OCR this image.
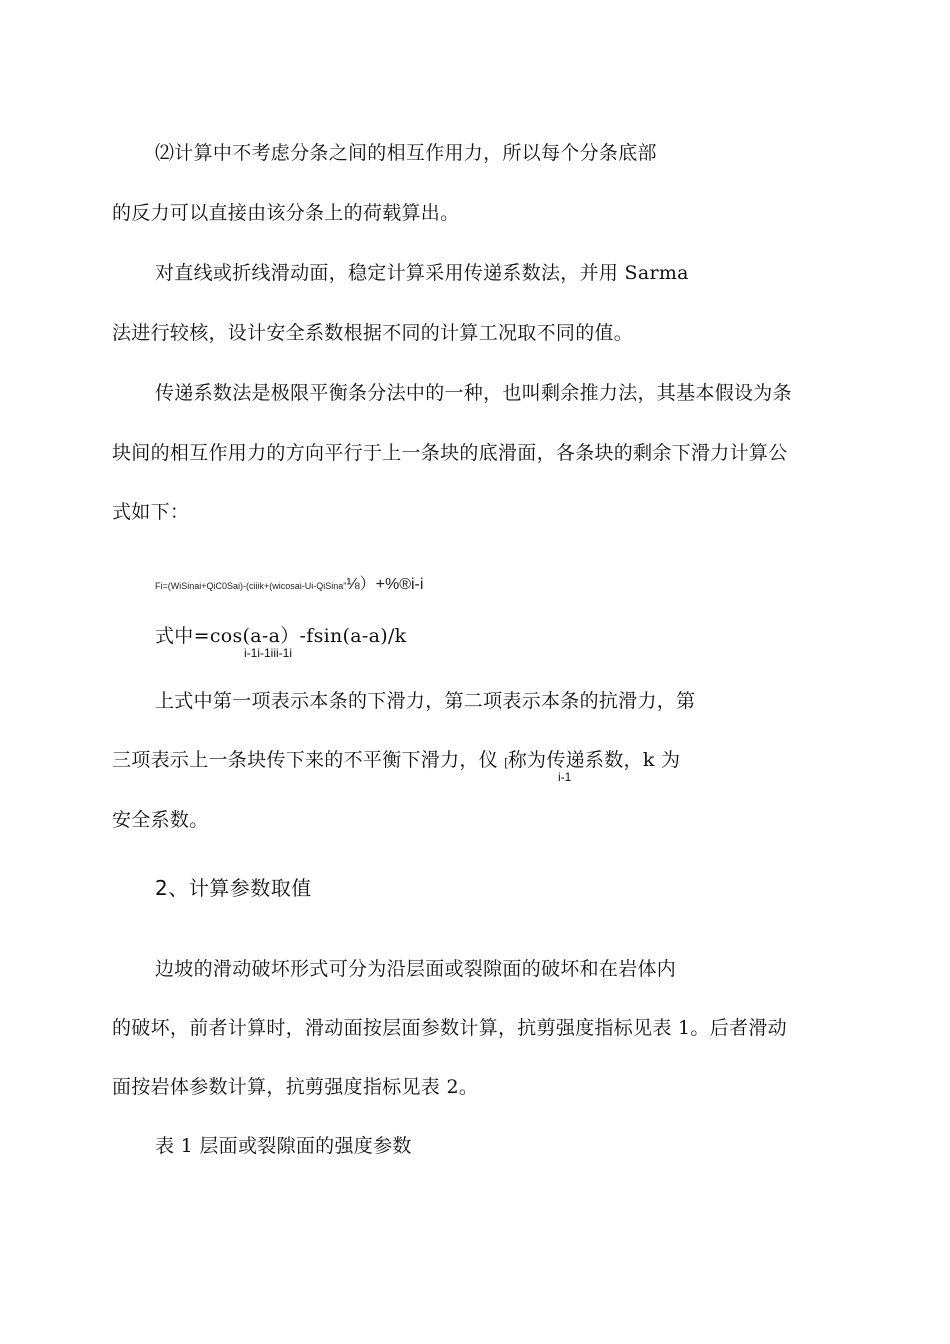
⑵计算中不考虑分条之间的相互作用力，所以每个分条底部
的反力可以直接由该分条上的荷载算出。
对直线或折线滑动面，稳定计算采用传递系数法，并用 Sarma
法进行较核，设计安全系数根据不同的计算工况取不同的值。
传递系数法是极限平衡条分法中的一种，也叫剩余推力法，其基本假设为条
块间的相互作用力的方向平行于上一条块的底滑面，各条块的剩余下滑力计算公
式如下：
Fi=(WiSinai+QiC0Sai)-(ciiik+(wicosai-Ui-QiSina”⅛）+%®i-i
式中=cos(a-a）-fsin(a-a)/k
i-1i-1iii-1i
上式中第一项表示本条的下滑力，第二项表示本条的抗滑力，第
三项表示上一条块传下来的不平衡下滑力，仪 [称为传递系数，k 为
i-1
安全系数。
2、计算参数取值
边坡的滑动破坏形式可分为沿层面或裂隙面的破坏和在岩体内
的破坏，前者计算时，滑动面按层面参数计算，抗剪强度指标见表 1。后者滑动
面按岩体参数计算，抗剪强度指标见表 2。
表 1 层面或裂隙面的强度参数
